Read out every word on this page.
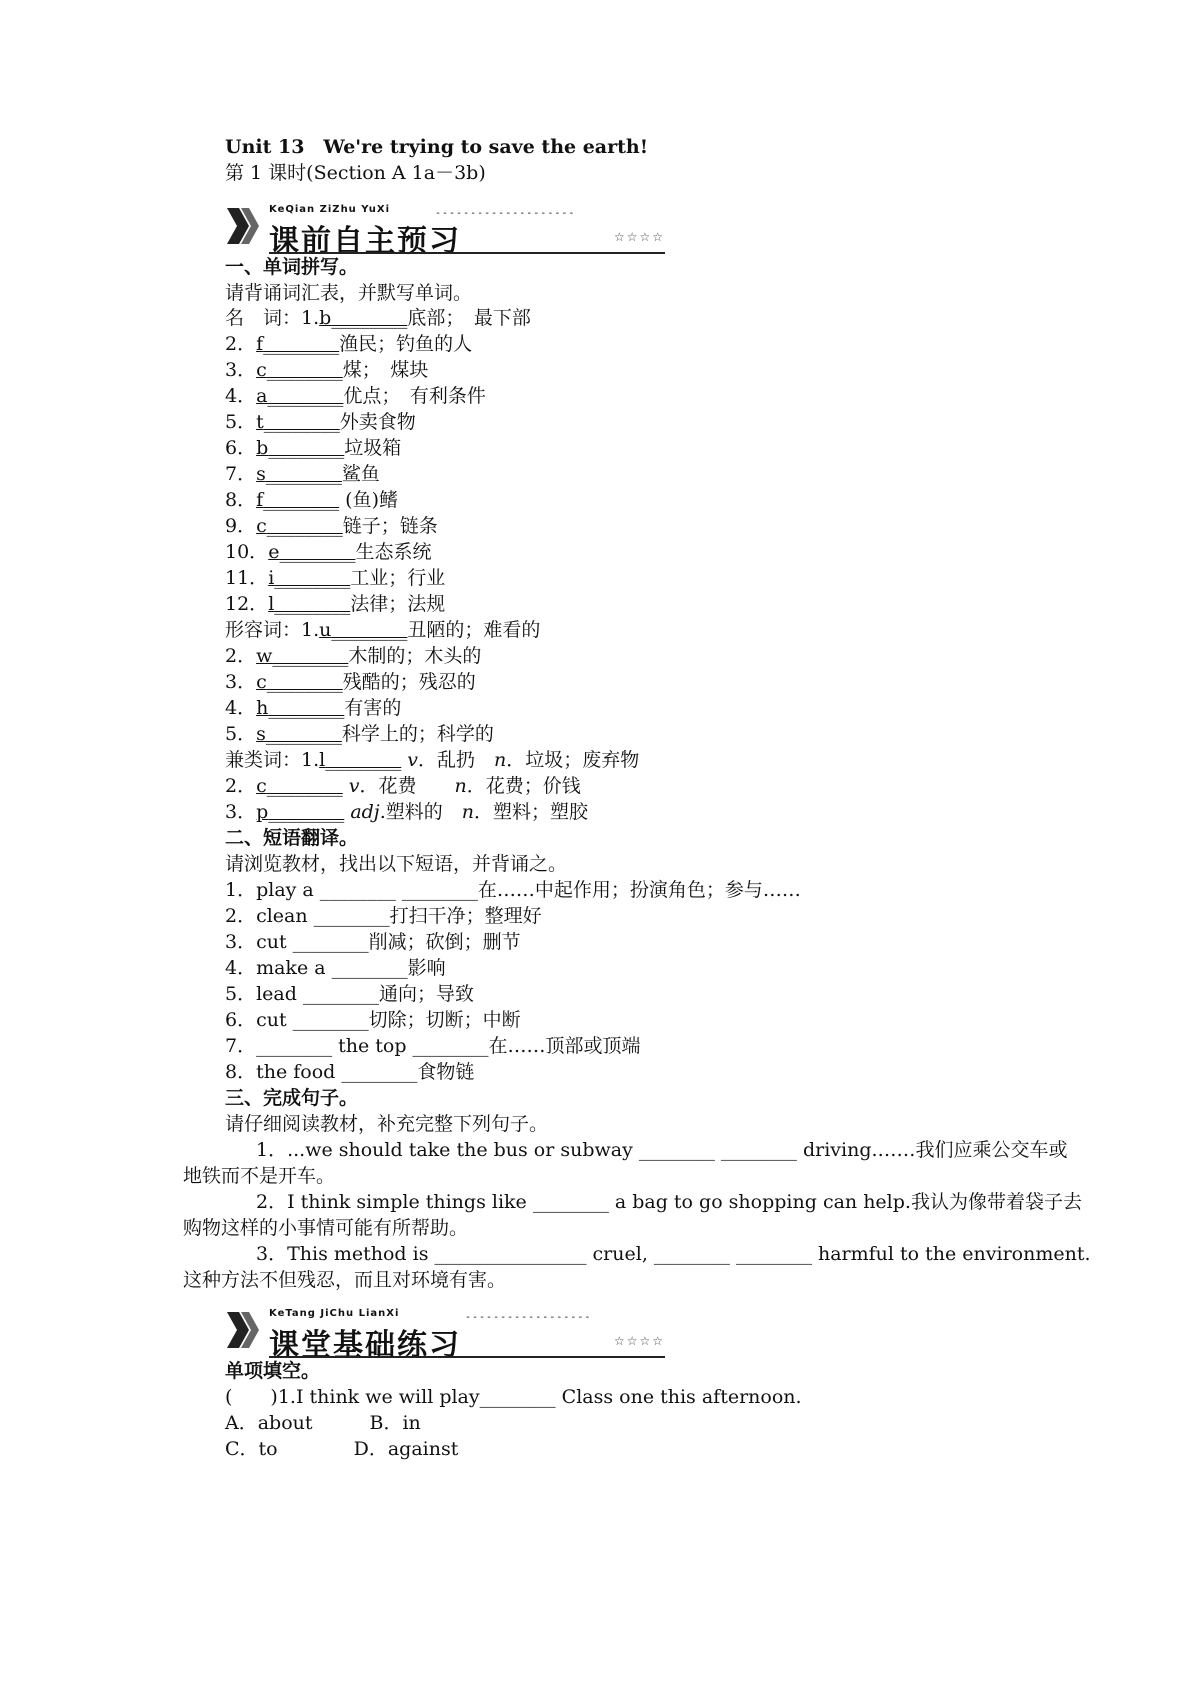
Unit 13　We're trying to save the earth!
第 1 课时(Section A 1a－3b)
KeQian ZiZhu YuXi	--------------------
课前自主预习	☆☆☆☆
一、单词拼写。
请背诵词汇表，并默写单词。
名　词：1.b________底部；　最下部
2．f________渔民；钓鱼的人
3．c________煤；　煤块
4．a________优点；　有利条件
5．t________外卖食物
6．b________垃圾箱
7．s________鲨鱼
8．f________ (鱼)鳍
9．c________链子；链条
10．e________生态系统
11．i________工业；行业
12．l________法律；法规
形容词：1.u________丑陋的；难看的
2．w________木制的；木头的
3．c________残酷的；残忍的
4．h________有害的
5．s________科学上的；科学的
兼类词：1.l________ v．乱扔　n．垃圾；废弃物
2．c________ v．花费　　n．花费；价钱
3．p________ adj.塑料的　n．塑料；塑胶
二、短语翻译。
请浏览教材，找出以下短语，并背诵之。
1．play a ________ ________在……中起作用；扮演角色；参与……
2．clean ________打扫干净；整理好
3．cut ________削减；砍倒；删节
4．make a ________影响
5．lead ________通向；导致
6．cut ________切除；切断；中断
7．________ the top ________在……顶部或顶端
8．the food ________食物链
三、完成句子。
请仔细阅读教材，补充完整下列句子。
1．...we should take the bus or subway ________ ________ driving.……我们应乘公交车或
地铁而不是开车。
2．I think simple things like ________ a bag to go shopping can help.我认为像带着袋子去
购物这样的小事情可能有所帮助。
3．This method is ________________ cruel, ________ ________ harmful to the environment.
这种方法不但残忍，而且对环境有害。
KeTang JiChu LianXi	------------------
课堂基础练习	☆☆☆☆
单项填空。
(　　)1.I think we will play________ Class one this afternoon.
A．about　　　B．in
C．to　　　　D．against
